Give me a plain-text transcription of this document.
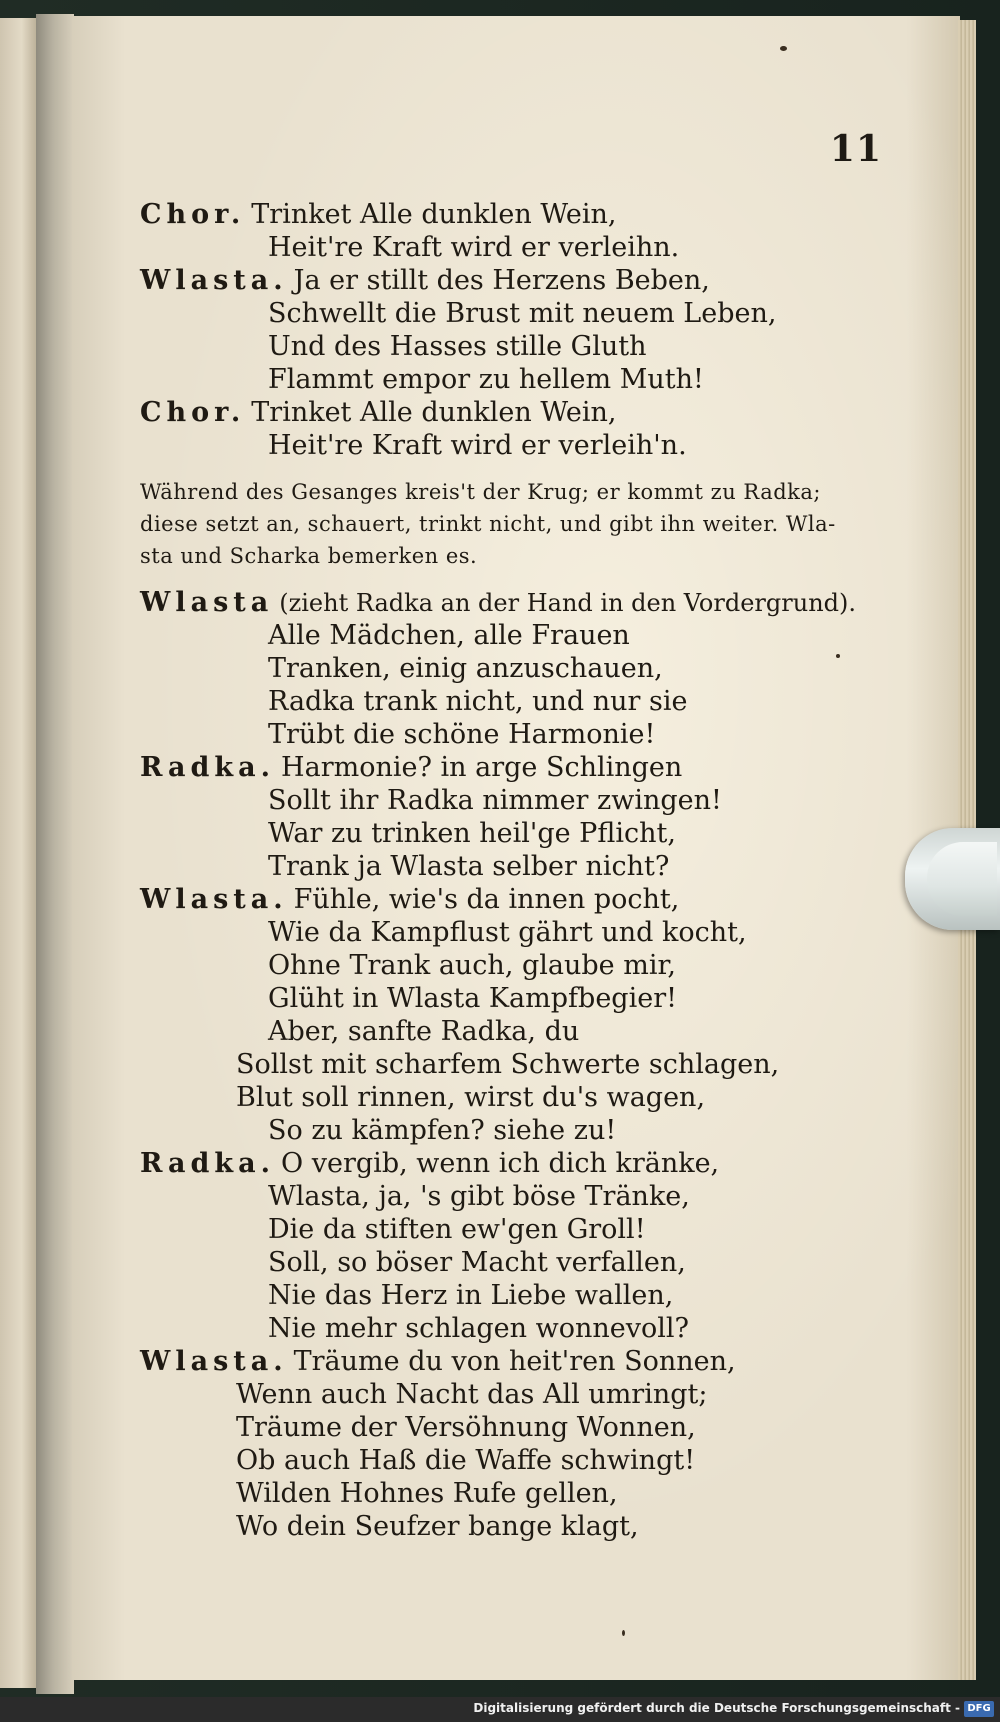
11
Chor. Trinket Alle dunklen Wein,
Heit're Kraft wird er verleihn.
Wlasta. Ja er stillt des Herzens Beben,
Schwellt die Brust mit neuem Leben,
Und des Hasses stille Gluth
Flammt empor zu hellem Muth!
Chor. Trinket Alle dunklen Wein,
Heit're Kraft wird er verleih'n.
Während des Gesanges kreis't der Krug; er kommt zu Radka;
diese setzt an, schauert, trinkt nicht, und gibt ihn weiter. Wla-
sta und Scharka bemerken es.
Wlasta (zieht Radka an der Hand in den Vordergrund).
Alle Mädchen, alle Frauen
Tranken, einig anzuschauen,
Radka trank nicht, und nur sie
Trübt die schöne Harmonie!
Radka. Harmonie? in arge Schlingen
Sollt ihr Radka nimmer zwingen!
War zu trinken heil'ge Pflicht,
Trank ja Wlasta selber nicht?
Wlasta. Fühle, wie's da innen pocht,
Wie da Kampflust gährt und kocht,
Ohne Trank auch, glaube mir,
Glüht in Wlasta Kampfbegier!
Aber, sanfte Radka, du
Sollst mit scharfem Schwerte schlagen,
Blut soll rinnen, wirst du's wagen,
So zu kämpfen? siehe zu!
Radka. O vergib, wenn ich dich kränke,
Wlasta, ja, 's gibt böse Tränke,
Die da stiften ew'gen Groll!
Soll, so böser Macht verfallen,
Nie das Herz in Liebe wallen,
Nie mehr schlagen wonnevoll?
Wlasta. Träume du von heit'ren Sonnen,
Wenn auch Nacht das All umringt;
Träume der Versöhnung Wonnen,
Ob auch Haß die Waffe schwingt!
Wilden Hohnes Rufe gellen,
Wo dein Seufzer bange klagt,
Digitalisierung gefördert durch die Deutsche Forschungsgemeinschaft - DFG
